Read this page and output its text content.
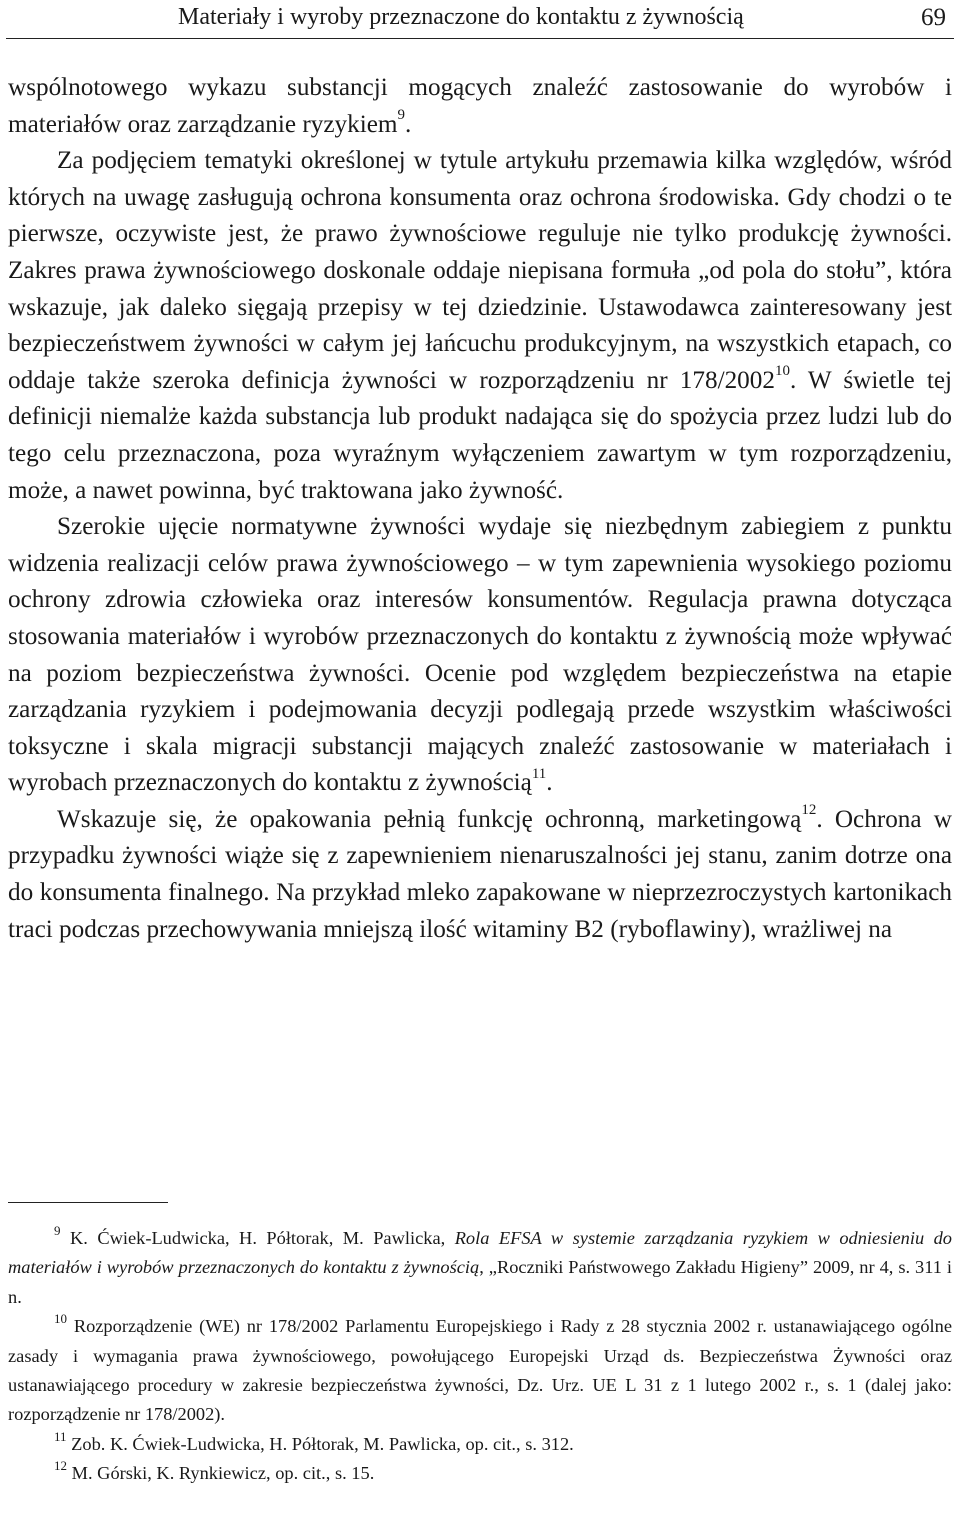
Materiały i wyroby przeznaczone do kontaktu z żywnością	69

wspólnotowego wykazu substancji mogących znaleźć zastosowanie do wyrobów i materiałów oraz zarządzanie ryzykiem$^9$.

Za podjęciem tematyki określonej w tytule artykułu przemawia kilka względów, wśród których na uwagę zasługują ochrona konsumenta oraz ochrona środowiska. Gdy chodzi o te pierwsze, oczywiste jest, że prawo żywnościowe reguluje nie tylko produkcję żywności. Zakres prawa żywnościowego doskonale oddaje niepisana formuła „od pola do stołu”, która wskazuje, jak daleko sięgają przepisy w tej dziedzinie. Ustawodawca zainteresowany jest bezpieczeństwem żywności w całym jej łańcuchu produkcyjnym, na wszystkich etapach, co oddaje także szeroka definicja żywności w rozporządzeniu nr 178/2002$^{10}$. W świetle tej definicji niemalże każda substancja lub produkt nadająca się do spożycia przez ludzi lub do tego celu przeznaczona, poza wyraźnym wyłączeniem zawartym w tym rozporządzeniu, może, a nawet powinna, być traktowana jako żywność.

Szerokie ujęcie normatywne żywności wydaje się niezbędnym zabiegiem z punktu widzenia realizacji celów prawa żywnościowego – w tym zapewnienia wysokiego poziomu ochrony zdrowia człowieka oraz interesów konsumentów. Regulacja prawna dotycząca stosowania materiałów i wyrobów przeznaczonych do kontaktu z żywnością może wpływać na poziom bezpieczeństwa żywności. Ocenie pod względem bezpieczeństwa na etapie zarządzania ryzykiem i podejmowania decyzji podlegają przede wszystkim właściwości toksyczne i skala migracji substancji mających znaleźć zastosowanie w materiałach i wyrobach przeznaczonych do kontaktu z żywnością$^{11}$.

Wskazuje się, że opakowania pełnią funkcję ochronną, marketingową$^{12}$. Ochrona w przypadku żywności wiąże się z zapewnieniem nienaruszalności jej stanu, zanim dotrze ona do konsumenta finalnego. Na przykład mleko zapakowane w nieprzezroczystych kartonikach traci podczas przechowywania mniejszą ilość witaminy B2 (ryboflawiny), wrażliwej na

$^9$ K. Ćwiek-Ludwicka, H. Półtorak, M. Pawlicka, Rola EFSA w systemie zarządzania ryzykiem w odniesieniu do materiałów i wyrobów przeznaczonych do kontaktu z żywnością, „Roczniki Państwowego Zakładu Higieny” 2009, nr 4, s. 311 i n.

$^{10}$ Rozporządzenie (WE) nr 178/2002 Parlamentu Europejskiego i Rady z 28 stycznia 2002 r. ustanawiającego ogólne zasady i wymagania prawa żywnościowego, powołującego Europejski Urząd ds. Bezpieczeństwa Żywności oraz ustanawiającego procedury w zakresie bezpieczeństwa żywności, Dz. Urz. UE L 31 z 1 lutego 2002 r., s. 1 (dalej jako: rozporządzenie nr 178/2002).

$^{11}$ Zob. K. Ćwiek-Ludwicka, H. Półtorak, M. Pawlicka, op. cit., s. 312.

$^{12}$ M. Górski, K. Rynkiewicz, op. cit., s. 15.
